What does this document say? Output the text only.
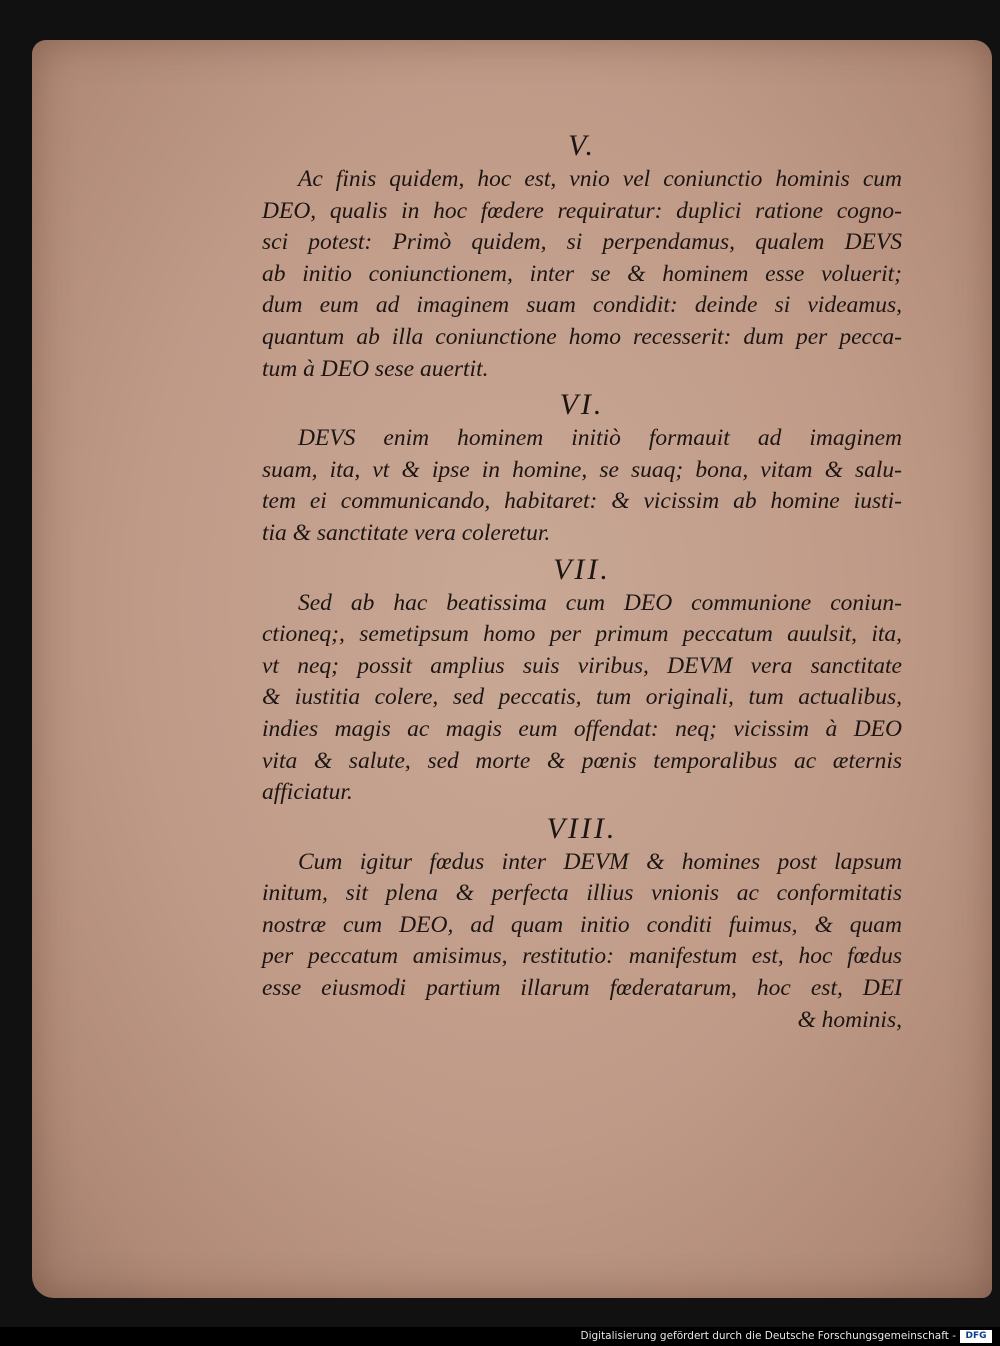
V.

Ac finis quidem, hoc est, vnio vel coniunctio hominis cum
DEO, qualis in hoc fœdere requiratur: duplici ratione cogno-
sci potest: Primò quidem, si perpendamus, qualem DEVS
ab initio coniunctionem, inter se & hominem esse voluerit;
dum eum ad imaginem suam condidit: deinde si videamus,
quantum ab illa coniunctione homo recesserit: dum per pecca-
tum à DEO sese auertit.

VI.

DEVS enim hominem initiò formauit ad imaginem
suam, ita, vt & ipse in homine, se suaq; bona, vitam & salu-
tem ei communicando, habitaret: & vicissim ab homine iusti-
tia & sanctitate vera coleretur.

VII.

Sed ab hac beatissima cum DEO communione coniun-
ctioneq;, semetipsum homo per primum peccatum auulsit, ita,
vt neq; possit amplius suis viribus, DEVM vera sanctitate
& iustitia colere, sed peccatis, tum originali, tum actualibus,
indies magis ac magis eum offendat: neq; vicissim à DEO
vita & salute, sed morte & pœnis temporalibus ac æternis
afficiatur.

VIII.

Cum igitur fœdus inter DEVM & homines post lapsum
initum, sit plena & perfecta illius vnionis ac conformitatis
nostræ cum DEO, ad quam initio conditi fuimus, & quam
per peccatum amisimus, restitutio: manifestum est, hoc fœdus
esse eiusmodi partium illarum fœderatarum, hoc est, DEI
& hominis,

Digitalisierung gefördert durch die Deutsche Forschungsgemeinschaft -	DFG
